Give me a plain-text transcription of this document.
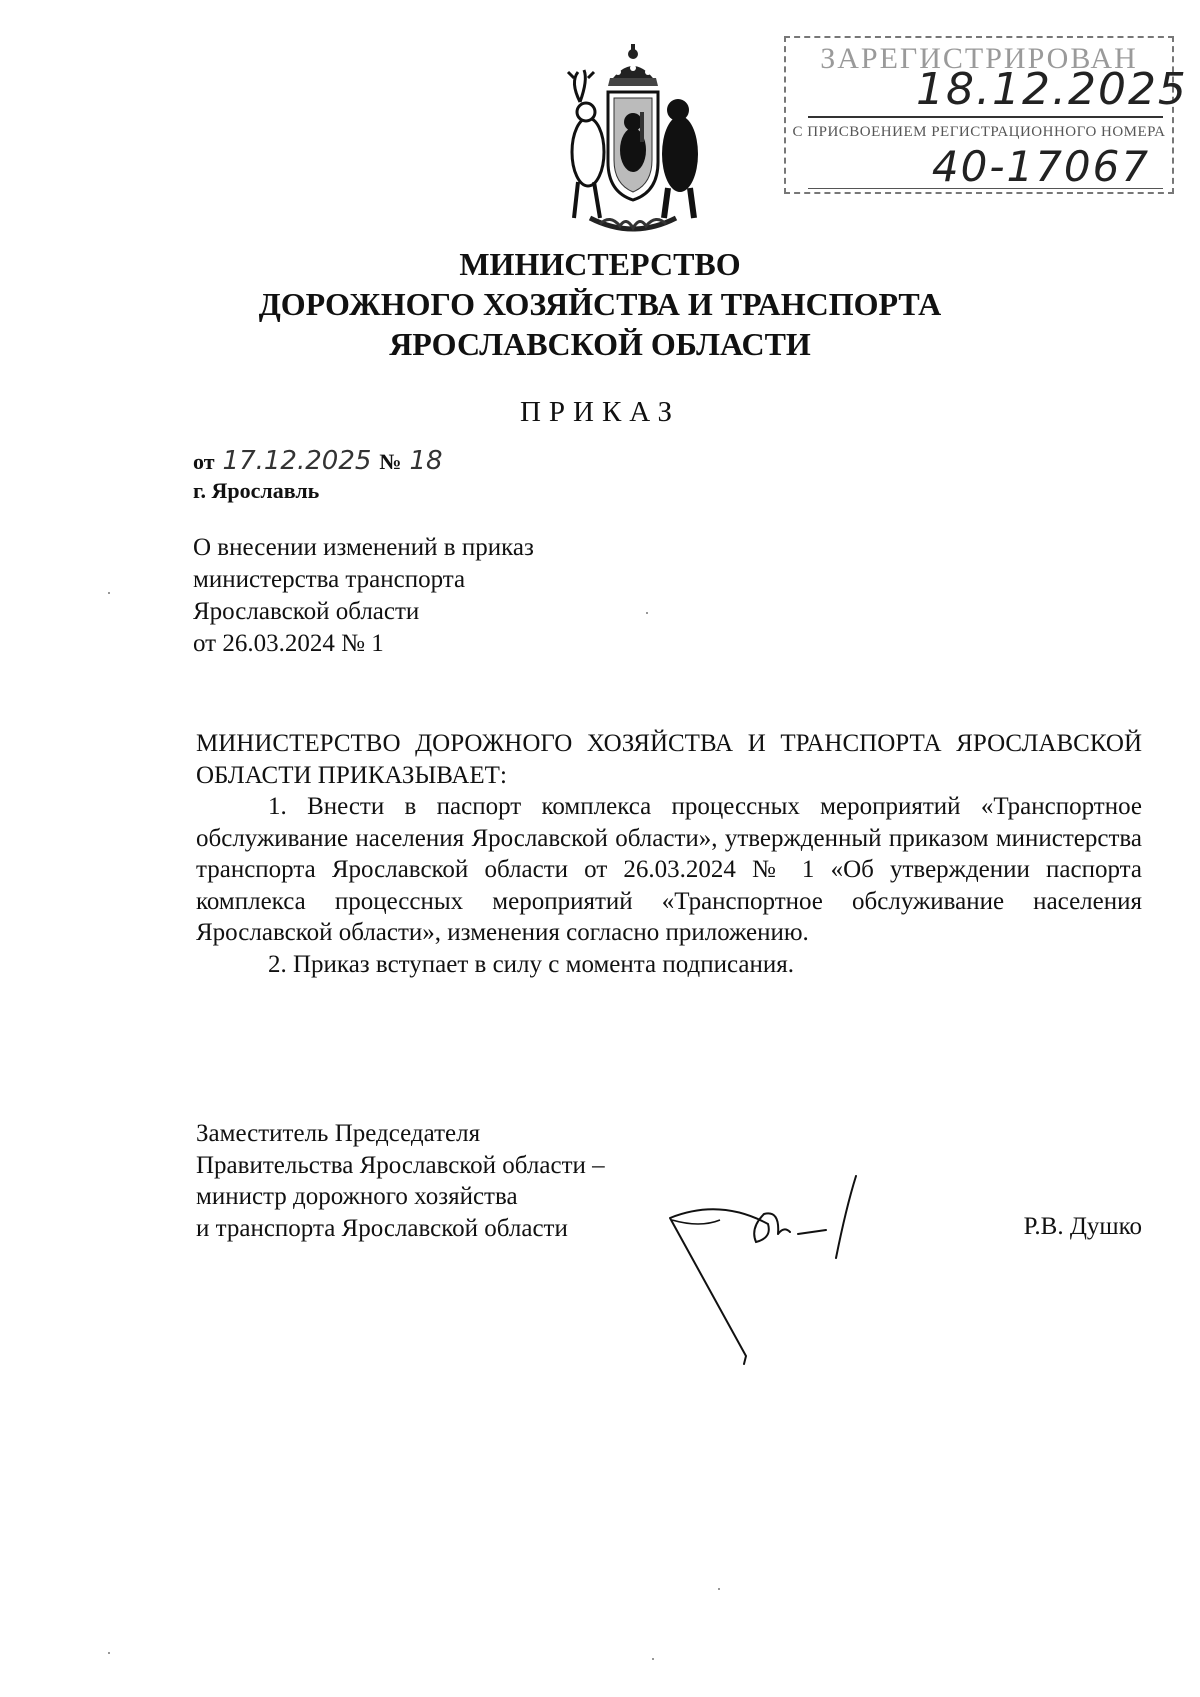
ЗАРЕГИСТРИРОВАН
18.12.2025
С ПРИСВОЕНИЕМ РЕГИСТРАЦИОННОГО НОМЕРА
40-17067
МИНИСТЕРСТВО
ДОРОЖНОГО ХОЗЯЙСТВА И ТРАНСПОРТА
ЯРОСЛАВСКОЙ ОБЛАСТИ
ПРИКАЗ
от 17.12.2025 № 18
г. Ярославль
О внесении изменений в приказ
министерства транспорта
Ярославской области
от 26.03.2024 № 1

МИНИСТЕРСТВО ДОРОЖНОГО ХОЗЯЙСТВА И ТРАНСПОРТА ЯРОСЛАВСКОЙ ОБЛАСТИ ПРИКАЗЫВАЕТ:

1. Внести в паспорт комплекса процессных мероприятий «Транспортное обслуживание населения Ярославской области», утвержденный приказом министерства транспорта Ярославской области от 26.03.2024 № 1 «Об утверждении паспорта комплекса процессных мероприятий «Транспортное обслуживание населения Ярославской области», изменения согласно приложению.

2. Приказ вступает в силу с момента подписания.

Заместитель Председателя
Правительства Ярославской области –
министр дорожного хозяйства
и транспорта Ярославской области	Р.В. Душко
